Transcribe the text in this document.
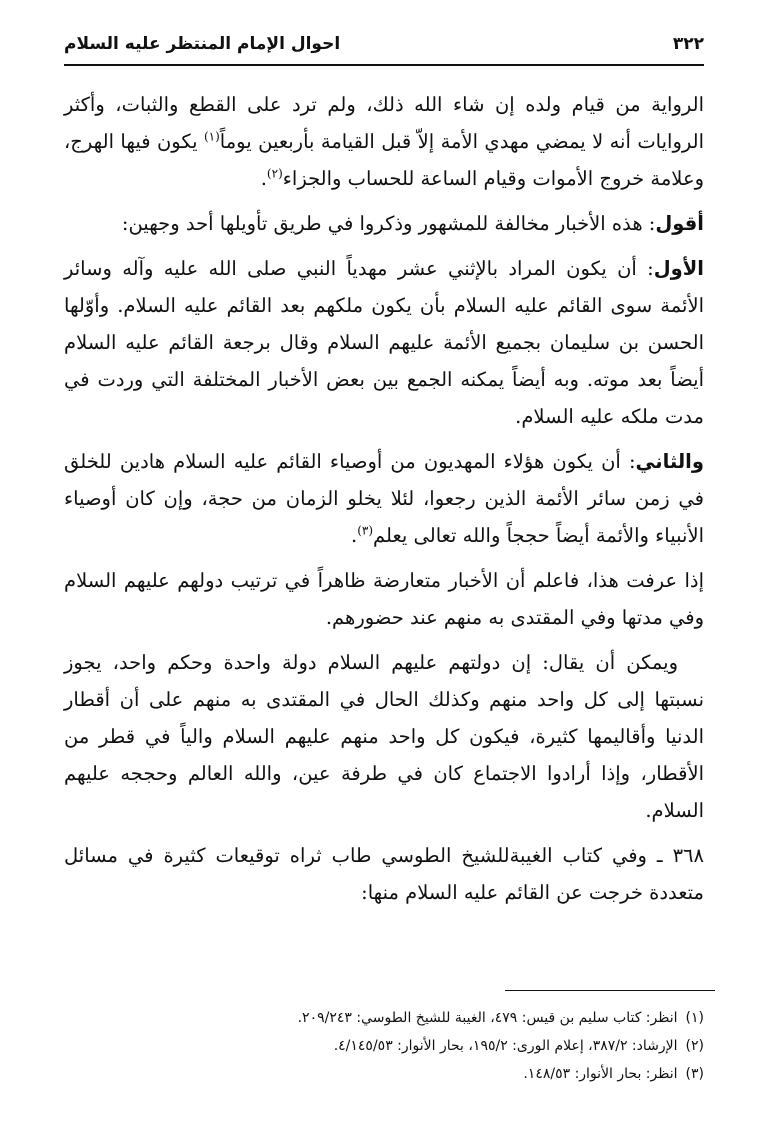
٣٢٢
احوال الإمام المنتظر عليه السلام

الرواية من قيام ولده إن شاء الله ذلك، ولم ترد على القطع والثبات، وأكثر الروايات أنه لا يمضي مهدي الأمة إلاّ قبل القيامة بأربعين يوماً$^{(١)}$ يكون فيها الهرج، وعلامة خروج الأموات وقيام الساعة للحساب والجزاء$^{(٢)}$.

أقول: هذه الأخبار مخالفة للمشهور وذكروا في طريق تأويلها أحد وجهين:

الأول: أن يكون المراد بالإثني عشر مهدياً النبي صلى الله عليه وآله وسائر الأئمة سوى القائم عليه السلام بأن يكون ملكهم بعد القائم عليه السلام. وأوّلها الحسن بن سليمان بجميع الأئمة عليهم السلام وقال برجعة القائم عليه السلام أيضاً بعد موته. وبه أيضاً يمكنه الجمع بين بعض الأخبار المختلفة التي وردت في مدت ملكه عليه السلام.

والثاني: أن يكون هؤلاء المهديون من أوصياء القائم عليه السلام هادين للخلق في زمن سائر الأئمة الذين رجعوا، لئلا يخلو الزمان من حجة، وإن كان أوصياء الأنبياء والأئمة أيضاً حججاً والله تعالى يعلم$^{(٣)}$.

إذا عرفت هذا، فاعلم أن الأخبار متعارضة ظاهراً في ترتيب دولهم عليهم السلام وفي مدتها وفي المقتدى به منهم عند حضورهم.

ويمكن أن يقال: إن دولتهم عليهم السلام دولة واحدة وحكم واحد، يجوز نسبتها إلى كل واحد منهم وكذلك الحال في المقتدى به منهم على أن أقطار الدنيا وأقاليمها كثيرة، فيكون كل واحد منهم عليهم السلام والياً في قطر من الأقطار، وإذا أرادوا الاجتماع كان في طرفة عين، والله العالم وحججه عليهم السلام.

٣٦٨ ـ وفي كتاب الغيبةللشيخ الطوسي طاب ثراه توقيعات كثيرة في مسائل متعددة خرجت عن القائم عليه السلام منها:

(١)
انظر: كتاب سليم بن قيس: ٤٧٩، الغيبة للشيخ الطوسي: ٢٠٩/٢٤٣.
(٢)
الإرشاد: ٣٨٧/٢، إعلام الورى: ١٩٥/٢، بحار الأنوار: ٤/١٤٥/٥٣.
(٣)
انظر: بحار الأنوار: ١٤٨/٥٣.
